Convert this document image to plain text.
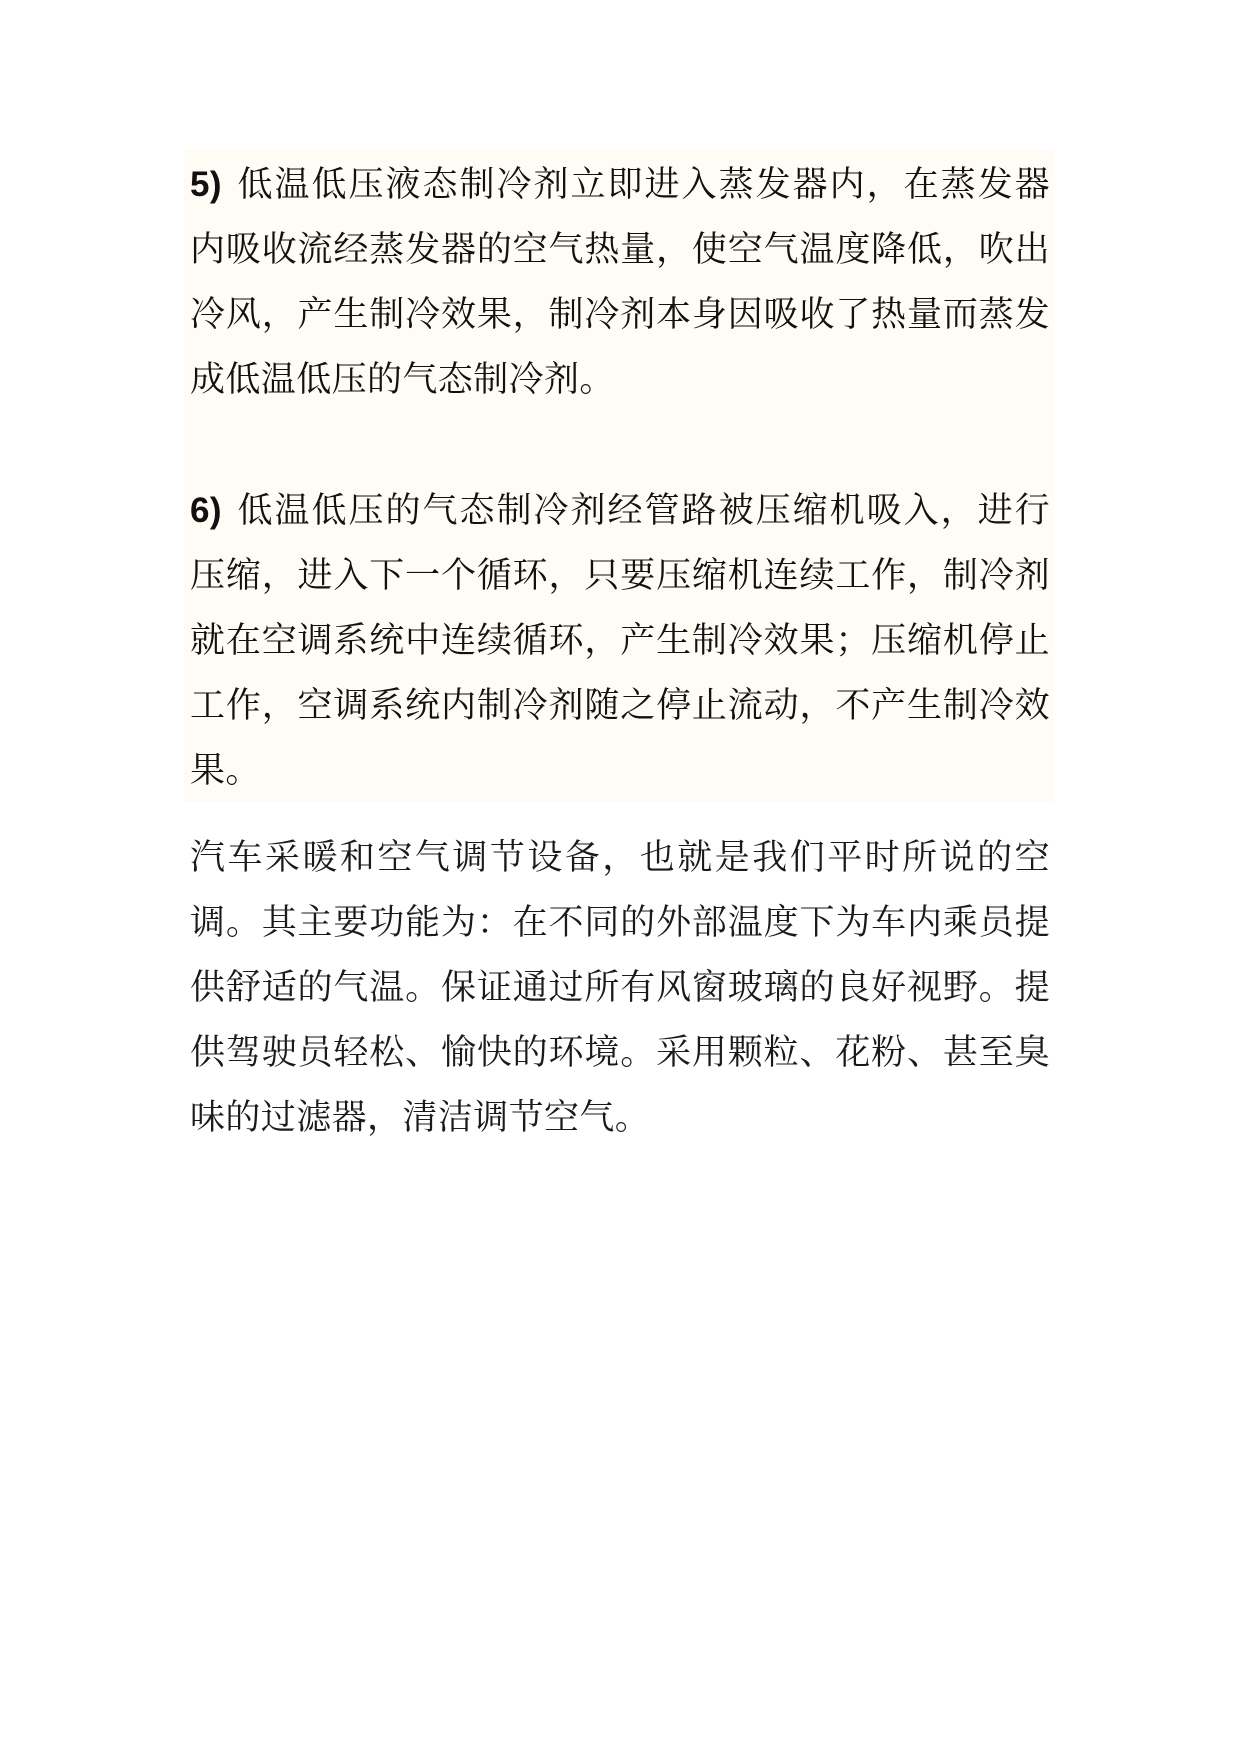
5) 低温低压液态制冷剂立即进入蒸发器内，在蒸发器内吸收流经蒸发器的空气热量，使空气温度降低，吹出冷风，产生制冷效果，制冷剂本身因吸收了热量而蒸发成低温低压的气态制冷剂。

6) 低温低压的气态制冷剂经管路被压缩机吸入，进行压缩，进入下一个循环，只要压缩机连续工作，制冷剂就在空调系统中连续循环，产生制冷效果；压缩机停止工作，空调系统内制冷剂随之停止流动，不产生制冷效果。

汽车采暖和空气调节设备，也就是我们平时所说的空调。其主要功能为：在不同的外部温度下为车内乘员提供舒适的气温。保证通过所有风窗玻璃的良好视野。提供驾驶员轻松、愉快的环境。采用颗粒、花粉、甚至臭味的过滤器，清洁调节空气。
